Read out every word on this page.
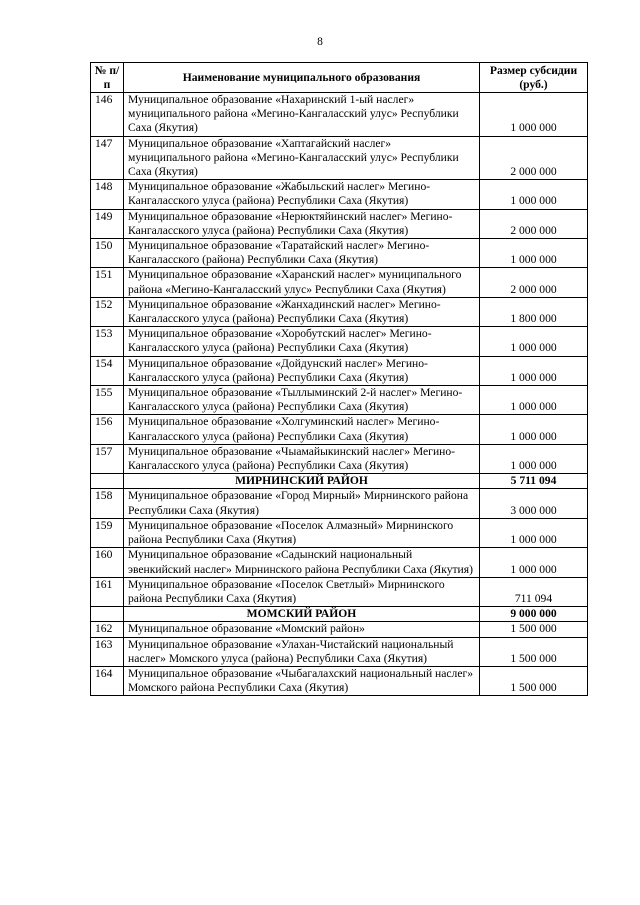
8
№ п/п	Наименование муниципального образования	Размер субсидии (руб.)
146	Муниципальное образование «Нахаринский 1-ый наслег» муниципального района «Мегино-Кангаласский улус» Республики Саха (Якутия)	1 000 000
147	Муниципальное образование «Хаптагайский наслег» муниципального района «Мегино-Кангаласский улус» Республики Саха (Якутия)	2 000 000
148	Муниципальное образование «Жабыльский наслег» Мегино-Кангаласского улуса (района) Республики Саха (Якутия)	1 000 000
149	Муниципальное образование «Нерюктяйинский наслег» Мегино-Кангаласского улуса (района) Республики Саха (Якутия)	2 000 000
150	Муниципальное образование «Таратайский наслег» Мегино-Кангаласского (района) Республики Саха (Якутия)	1 000 000
151	Муниципальное образование «Харанский наслег» муниципального района «Мегино-Кангаласский улус» Республики Саха (Якутия)	2 000 000
152	Муниципальное образование «Жанхадинский наслег» Мегино-Кангаласского улуса (района) Республики Саха (Якутия)	1 800 000
153	Муниципальное образование «Хоробутский наслег» Мегино-Кангаласского улуса (района) Республики Саха (Якутия)	1 000 000
154	Муниципальное образование «Дойдунский наслег» Мегино-Кангаласского улуса (района) Республики Саха (Якутия)	1 000 000
155	Муниципальное образование «Тыллыминский 2-й наслег» Мегино-Кангаласского улуса (района) Республики Саха (Якутия)	1 000 000
156	Муниципальное образование «Холгуминский наслег» Мегино-Кангаласского улуса (района) Республики Саха (Якутия)	1 000 000
157	Муниципальное образование «Чыамайыкинский наслег» Мегино-Кангаласского улуса (района) Республики Саха (Якутия)	1 000 000
	МИРНИНСКИЙ РАЙОН	5 711 094
158	Муниципальное образование «Город Мирный» Мирнинского района Республики Саха (Якутия)	3 000 000
159	Муниципальное образование «Поселок Алмазный» Мирнинского района Республики Саха (Якутия)	1 000 000
160	Муниципальное образование «Садынский национальный эвенкийский наслег» Мирнинского района Республики Саха (Якутия)	1 000 000
161	Муниципальное образование «Поселок Светлый» Мирнинского района Республики Саха (Якутия)	711 094
	МОМСКИЙ РАЙОН	9 000 000
162	Муниципальное образование «Момский район»	1 500 000
163	Муниципальное образование «Улахан-Чистайский национальный наслег» Момского улуса (района) Республики Саха (Якутия)	1 500 000
164	Муниципальное образование «Чыбагалахский национальный наслег» Момского района Республики Саха (Якутия)	1 500 000
